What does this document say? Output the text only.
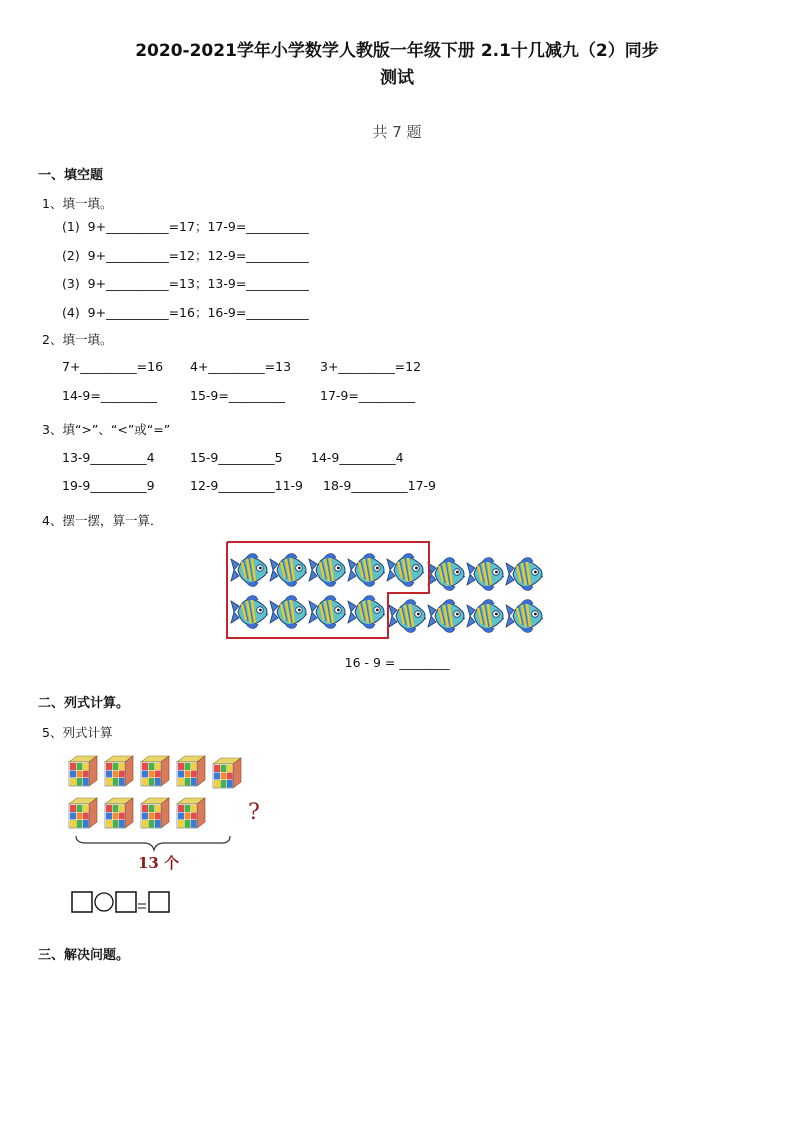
2020-2021学年小学数学人教版一年级下册 2.1十几减九（2）同步
测试
共 7 题
一、填空题
1、填一填。
(1)  9+__________=17；17-9=__________
(2)  9+__________=12；12-9=__________
(3)  9+__________=13；13-9=__________
(4)  9+__________=16；16-9=__________
2、填一填。
7+_________=16 4+_________=13 3+_________=12
14-9=_________	15-9=_________	17-9=_________
3、填“>”、“<”或“=”
13-9_________4	15-9_________5 14-9_________4
19-9_________9	12-9_________11-9 18-9_________17-9
4、摆一摆，算一算．
16 - 9 = ________
二、列式计算。
5、列式计算
?
13 个
三、解决问题。
